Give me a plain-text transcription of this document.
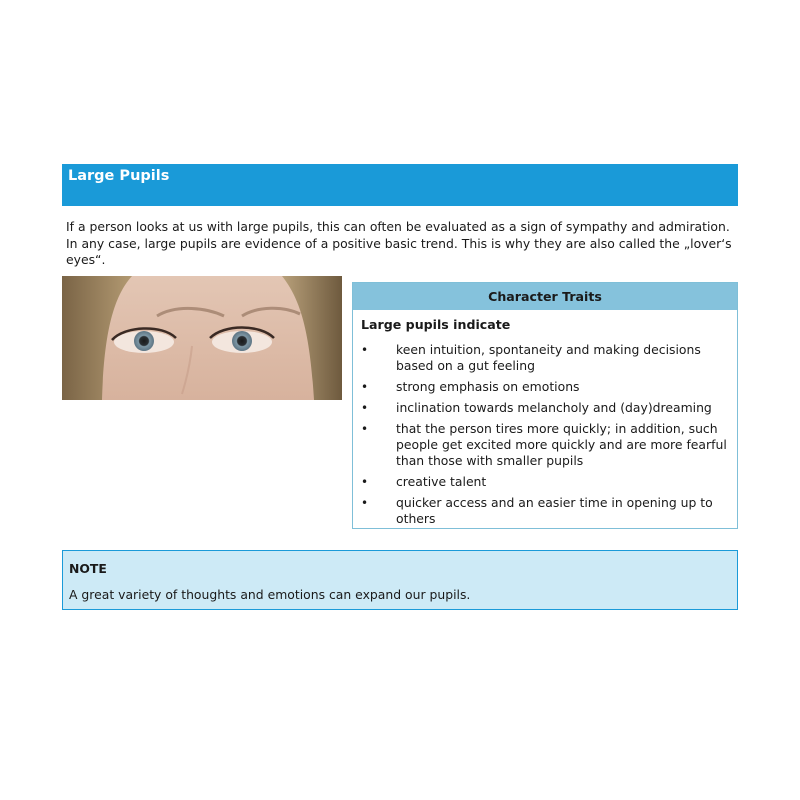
Large Pupils

If a person looks at us with large pupils, this can often be evaluated as a sign of sympathy and admiration. In any case, large pupils are evidence of a positive basic trend. This is why they are also called the „lover‘s eyes“.

Character Traits
Large pupils indicate
• keen intuition, spontaneity and making decisions based on a gut feeling
• strong emphasis on emotions
• inclination towards melancholy and (day)dreaming
• that the person tires more quickly; in addition, such people get excited more quickly and are more fearful than those with smaller pupils
• creative talent
• quicker access and an easier time in opening up to others
NOTE
A great variety of thoughts and emotions can expand our pupils.
